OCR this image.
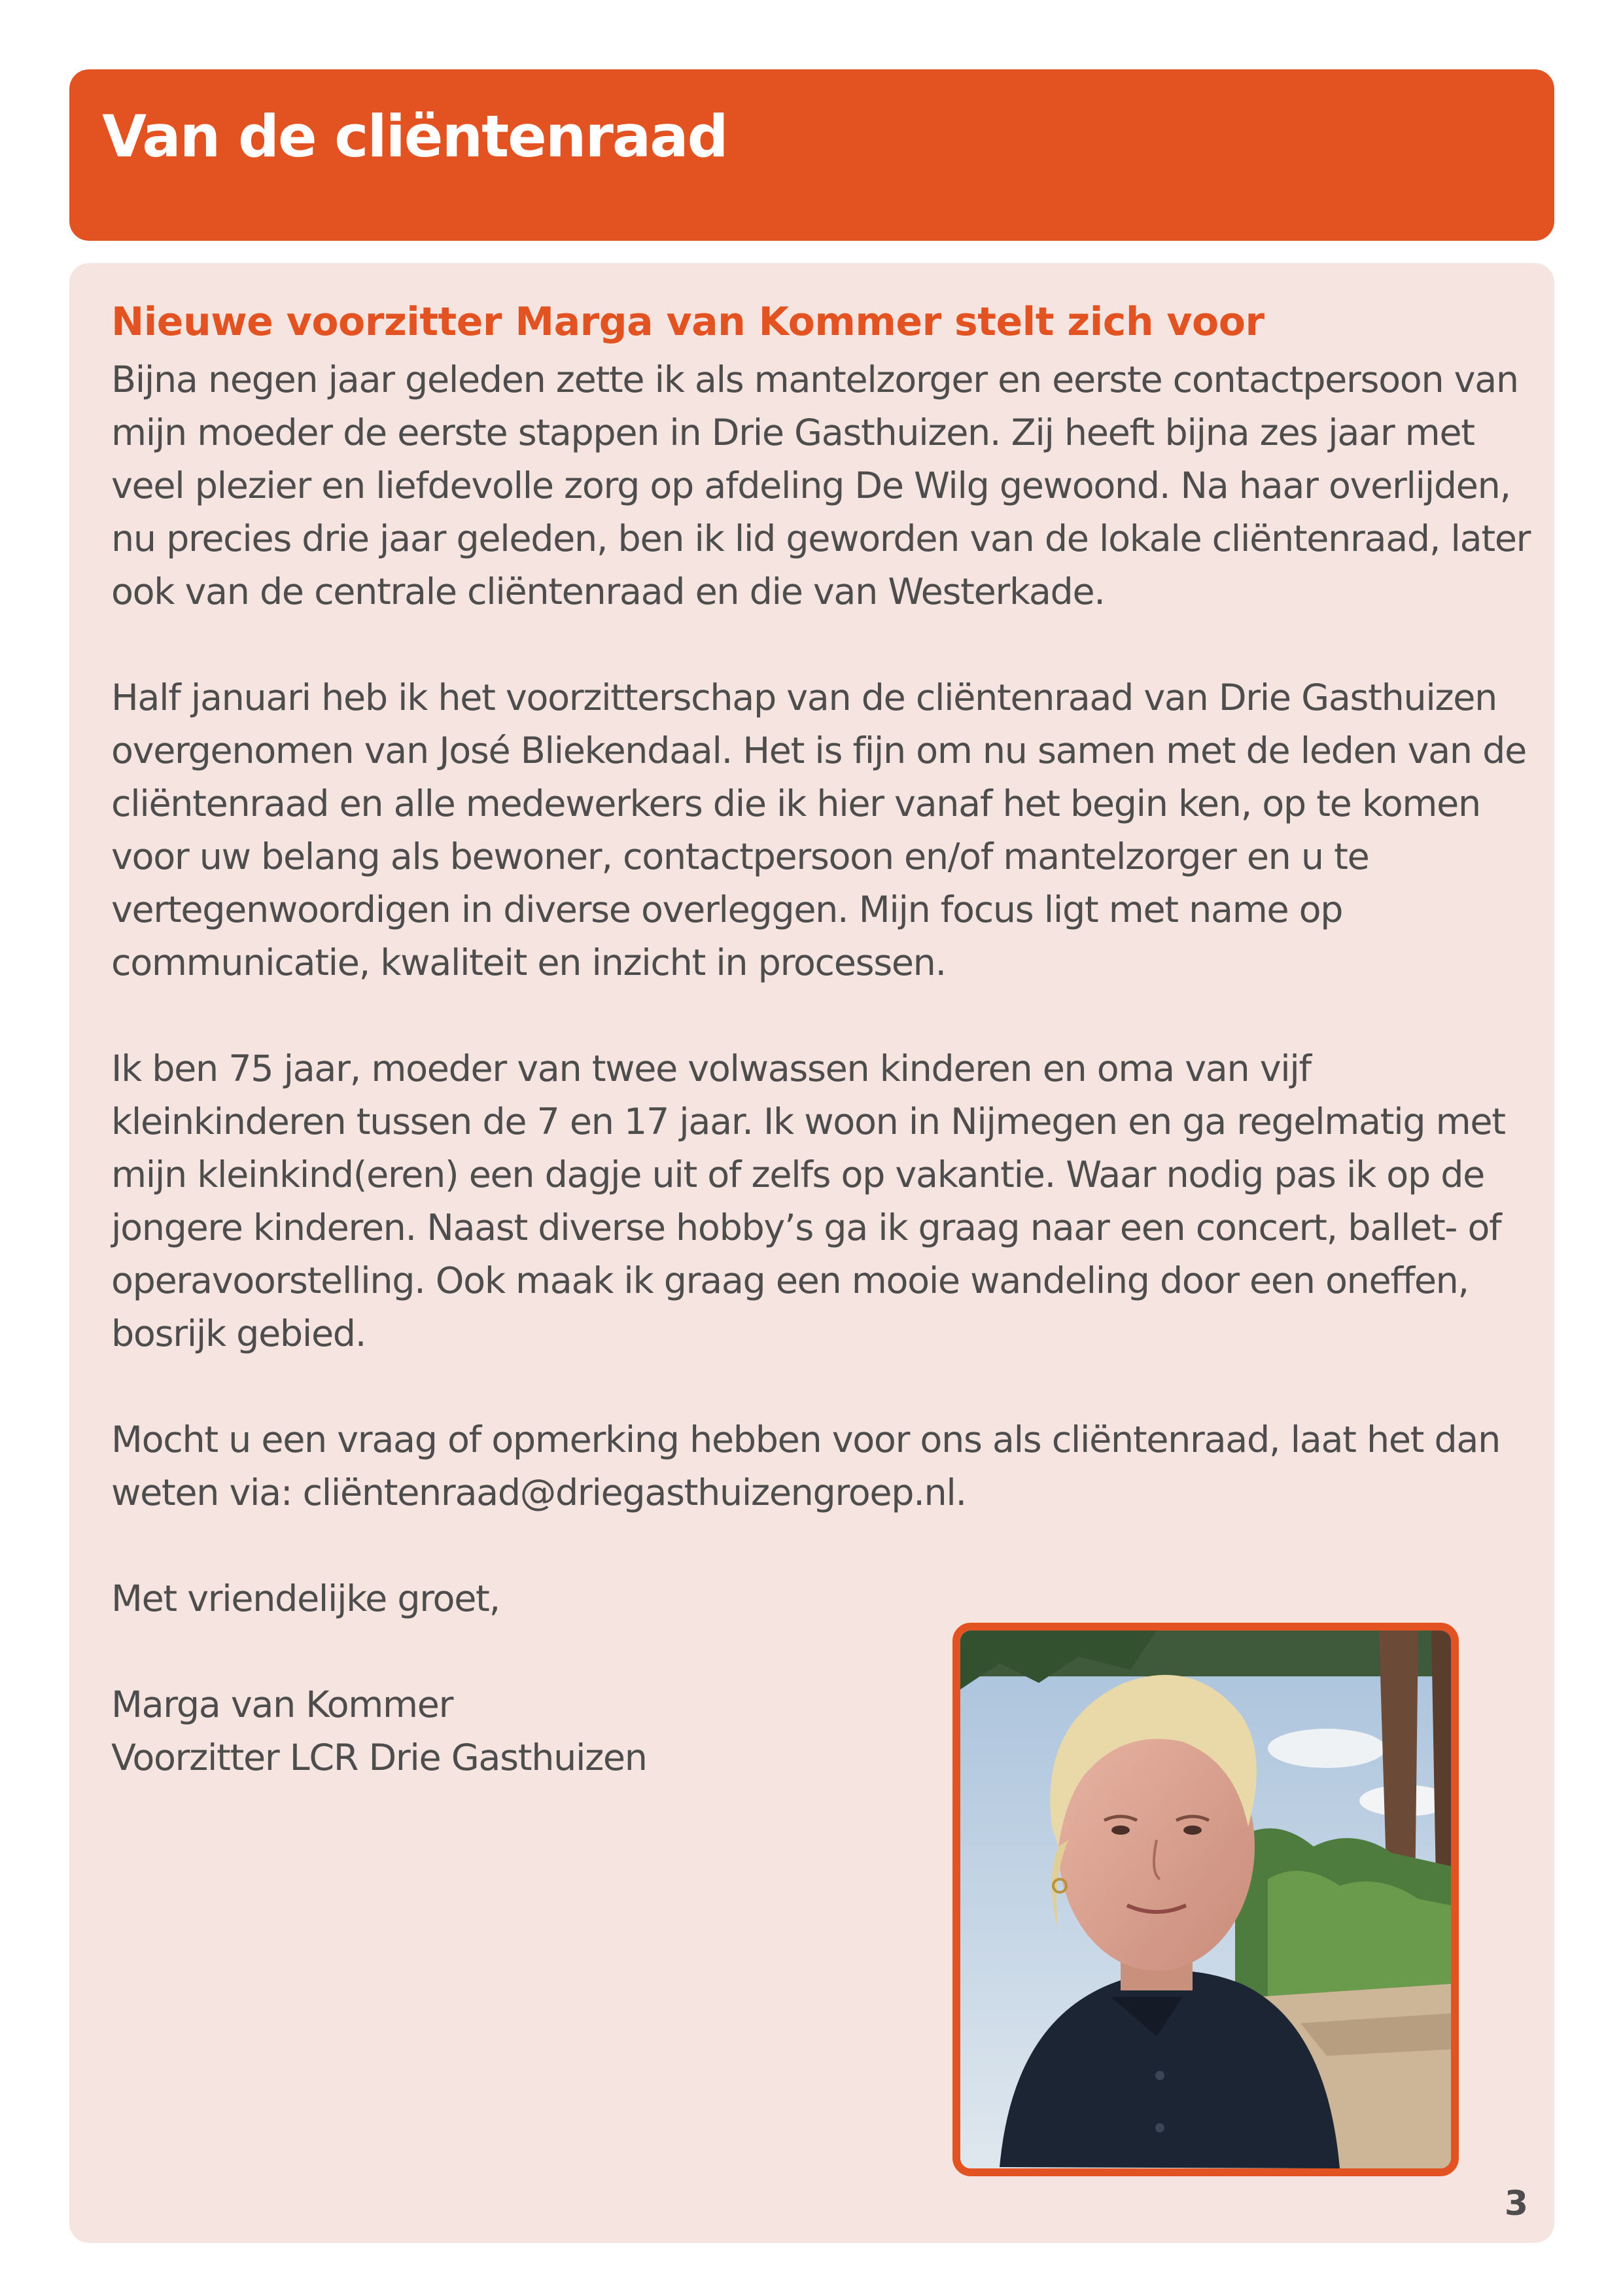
Van de cliëntenraad
Nieuwe voorzitter Marga van Kommer stelt zich voor

Bijna negen jaar geleden zette ik als mantelzorger en eerste contactpersoon van mijn moeder de eerste stappen in Drie Gasthuizen. Zij heeft bijna zes jaar met veel plezier en liefdevolle zorg op afdeling De Wilg gewoond. Na haar overlijden, nu precies drie jaar geleden, ben ik lid geworden van de lokale cliëntenraad, later ook van de centrale cliëntenraad en die van Westerkade.

Half januari heb ik het voorzitterschap van de cliëntenraad van Drie Gasthuizen overgenomen van José Bliekendaal. Het is fijn om nu samen met de leden van de cliëntenraad en alle medewerkers die ik hier vanaf het begin ken, op te komen voor uw belang als bewoner, contactpersoon en/of mantelzorger en u te vertegenwoordigen in diverse overleggen. Mijn focus ligt met name op communicatie, kwaliteit en inzicht in processen.

Ik ben 75 jaar, moeder van twee volwassen kinderen en oma van vijf kleinkinderen tussen de 7 en 17 jaar. Ik woon in Nijmegen en ga regelmatig met mijn kleinkind(eren) een dagje uit of zelfs op vakantie. Waar nodig pas ik op de jongere kinderen. Naast diverse hobby’s ga ik graag naar een concert, ballet- of operavoorstelling. Ook maak ik graag een mooie wandeling door een oneffen, bosrijk gebied.

Mocht u een vraag of opmerking hebben voor ons als cliëntenraad, laat het dan weten via: cliëntenraad@driegasthuizengroep.nl.

Met vriendelijke groet,

Marga van Kommer

Voorzitter LCR Drie Gasthuizen

3
